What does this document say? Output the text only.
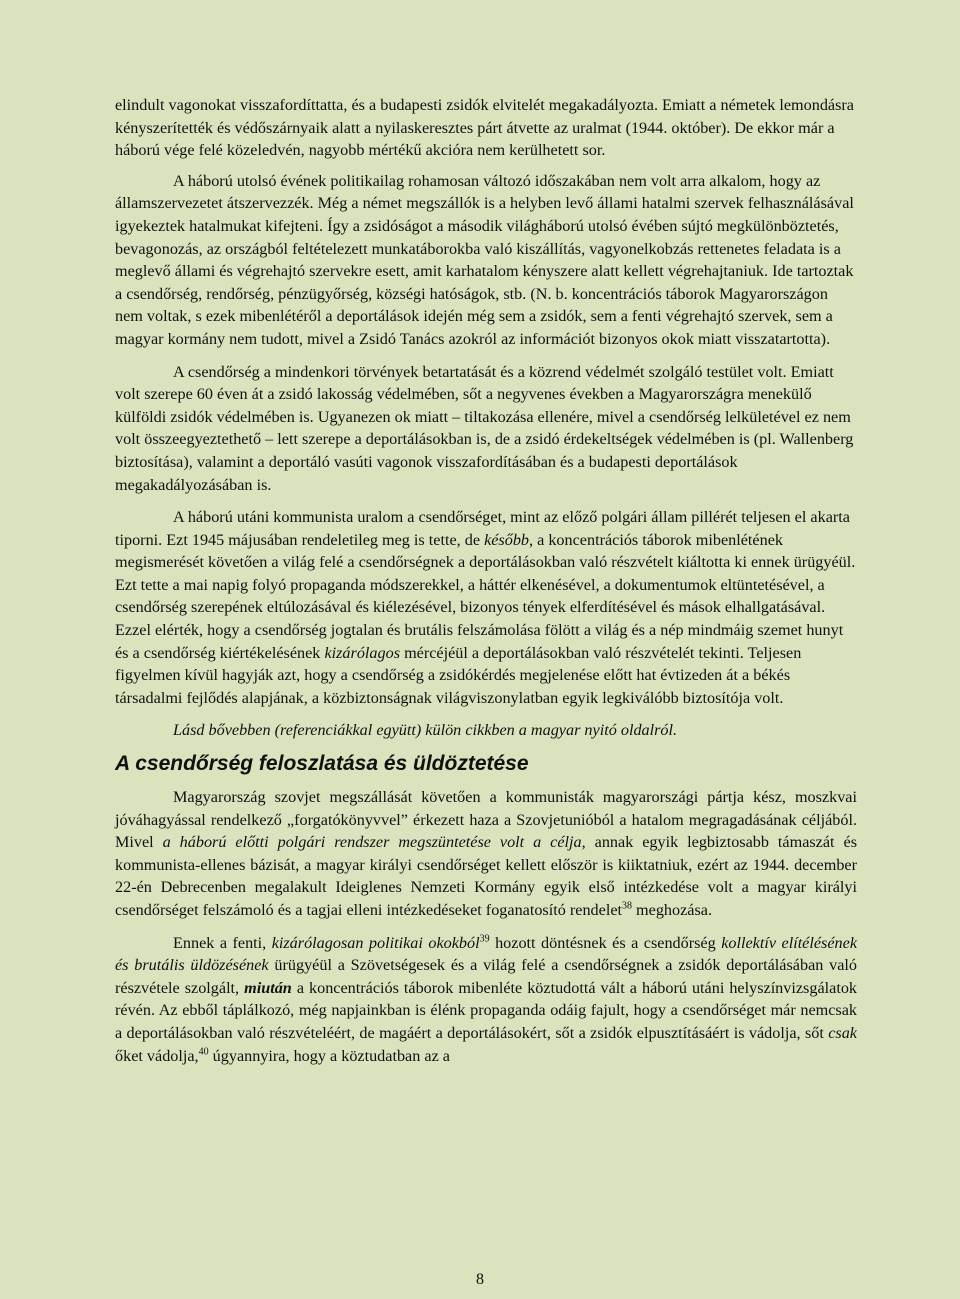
elindult vagonokat visszafordíttatta, és a budapesti zsidók elvitelét megakadályozta. Emiatt a németek lemondásra kényszerítették és védőszárnyaik alatt a nyilaskeresztes párt átvette az uralmat (1944. október). De ekkor már a háború vége felé közeledvén, nagyobb mértékű akcióra nem kerülhetett sor.

A háború utolsó évének politikailag rohamosan változó időszakában nem volt arra alkalom, hogy az államszervezetet átszervezzék. Még a német megszállók is a helyben levő állami hatalmi szervek felhasználásával igyekeztek hatalmukat kifejteni. Így a zsidóságot a második világháború utolsó évében sújtó megkülönböztetés, bevagonozás, az országból feltételezett munkatáborokba való kiszállítás, vagyonelkobzás rettenetes feladata is a meglevő állami és végrehajtó szervekre esett, amit karhatalom kényszere alatt kellett végrehajtaniuk. Ide tartoztak a csendőrség, rendőrség, pénzügyőrség, községi hatóságok, stb. (N. b. koncentrációs táborok Magyarországon nem voltak, s ezek mibenlétéről a deportálások idején még sem a zsidók, sem a fenti végrehajtó szervek, sem a magyar kormány nem tudott, mivel a Zsidó Tanács azokról az információt bizonyos okok miatt visszatartotta).

A csendőrség a mindenkori törvények betartatását és a közrend védelmét szolgáló testület volt. Emiatt volt szerepe 60 éven át a zsidó lakosság védelmében, sőt a negyvenes években a Magyarországra menekülő külföldi zsidók védelmében is. Ugyanezen ok miatt – tiltakozása ellenére, mivel a csendőrség lelkületével ez nem volt összeegyeztethető – lett szerepe a deportálásokban is, de a zsidó érdekeltségek védelmében is (pl. Wallenberg biztosítása), valamint a deportáló vasúti vagonok visszafordításában és a budapesti deportálások megakadályozásában is.

A háború utáni kommunista uralom a csendőrséget, mint az előző polgári állam pillérét teljesen el akarta tiporni. Ezt 1945 májusában rendeletileg meg is tette, de később, a koncentrációs táborok mibenlétének megismerését követően a világ felé a csendőrségnek a deportálásokban való részvételt kiáltotta ki ennek ürügyéül. Ezt tette a mai napig folyó propaganda módszerekkel, a háttér elkenésével, a dokumentumok eltüntetésével, a csendőrség szerepének eltúlozásával és kiélezésével, bizonyos tények elferdítésével és mások elhallgatásával. Ezzel elérték, hogy a csendőrség jogtalan és brutális felszámolása fölött a világ és a nép mindmáig szemet hunyt és a csendőrség kiértékelésének kizárólagos mércéjéül a deportálásokban való részvételét tekinti. Teljesen figyelmen kívül hagyják azt, hogy a csendőrség a zsidókérdés megjelenése előtt hat évtizeden át a békés társadalmi fejlődés alapjának, a közbiztonságnak világviszonylatban egyik legkiválóbb biztosítója volt.

Lásd bővebben (referenciákkal együtt) külön cikkben a magyar nyitó oldalról.

A csendőrség feloszlatása és üldöztetése

Magyarország szovjet megszállását követően a kommunisták magyarországi pártja kész, moszkvai jóváhagyással rendelkező „forgatókönyvvel” érkezett haza a Szovjetunióból a hatalom megragadásának céljából. Mivel a háború előtti polgári rendszer megszüntetése volt a célja, annak egyik legbiztosabb támaszát és kommunista-ellenes bázisát, a magyar királyi csendőrséget kellett először is kiiktatniuk, ezért az 1944. december 22-én Debrecenben megalakult Ideiglenes Nemzeti Kormány egyik első intézkedése volt a magyar királyi csendőrséget felszámoló és a tagjai elleni intézkedéseket foganatosító rendelet$^{38}$ meghozása.

Ennek a fenti, kizárólagosan politikai okokból$^{39}$ hozott döntésnek és a csendőrség kollektív elítélésének és brutális üldözésének ürügyéül a Szövetségesek és a világ felé a csendőrségnek a zsidók deportálásában való részvétele szolgált, miután a koncentrációs táborok mibenléte köztudottá vált a háború utáni helyszínvizsgálatok révén. Az ebből táplálkozó, még napjainkban is élénk propaganda odáig fajult, hogy a csendőrséget már nemcsak a deportálásokban való részvételéért, de magáért a deportálásokért, sőt a zsidók elpusztításáért is vádolja, sőt csak őket vádolja,$^{40}$ úgyannyira, hogy a köztudatban az a

8
